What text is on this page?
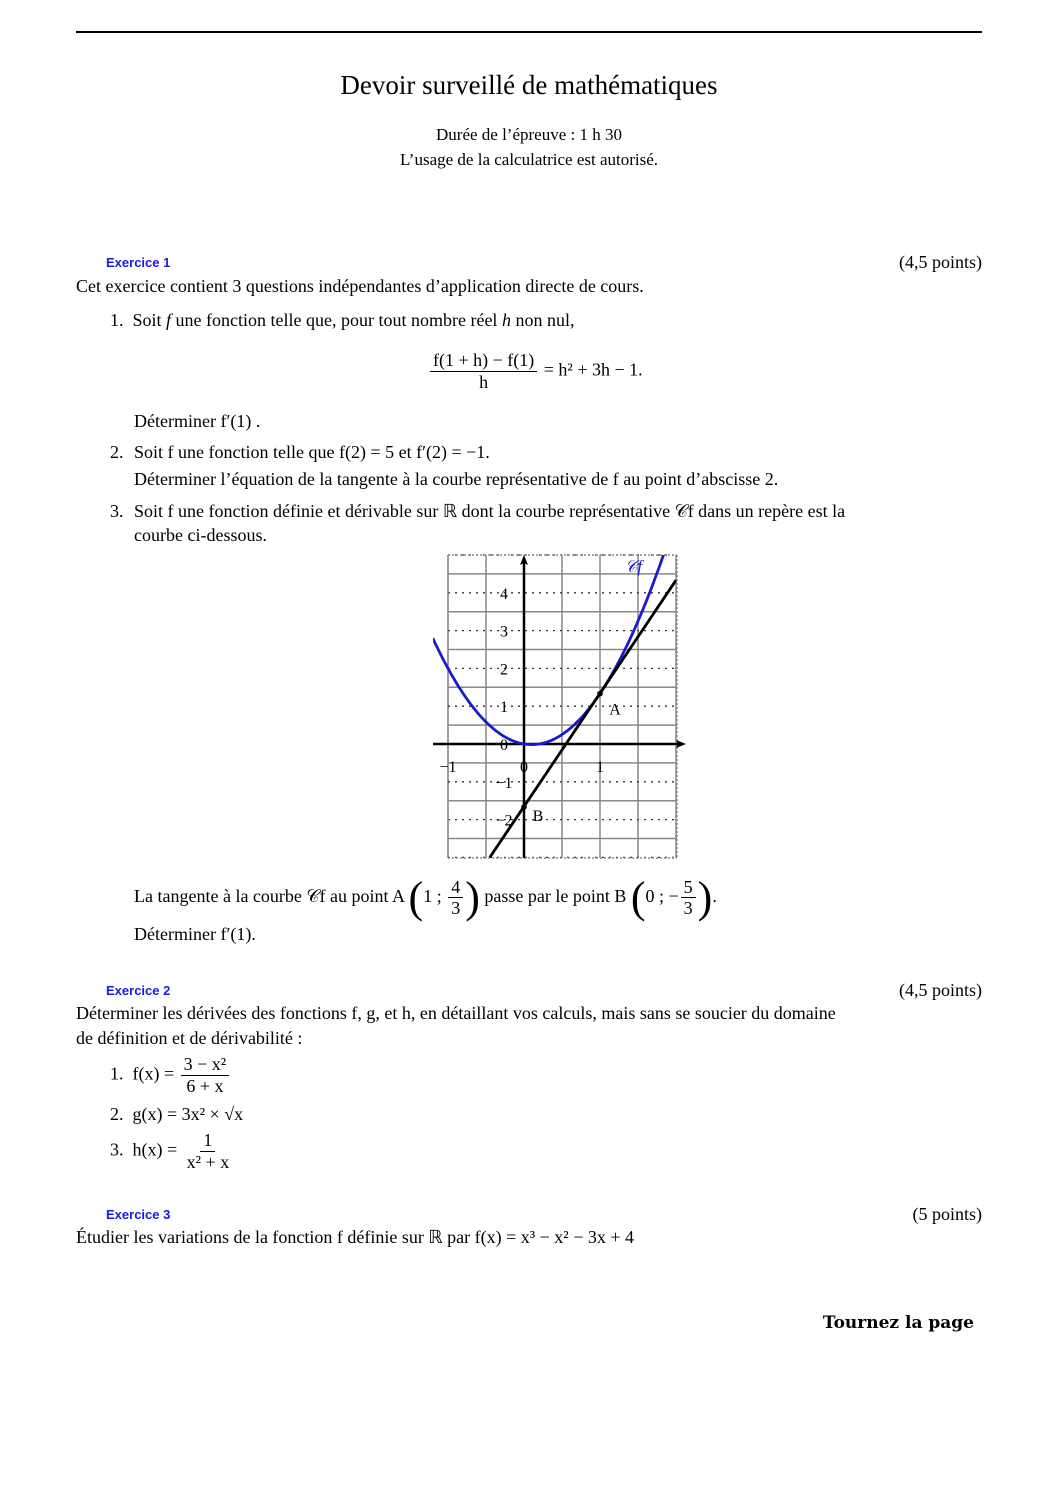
Devoir surveillé de mathématiques
Durée de l’épreuve : 1 h 30
L’usage de la calculatrice est autorisé.
Exercice 1	(4,5 points)
Cet exercice contient 3 questions indépendantes d’application directe de cours.
1. Soit f une fonction telle que, pour tout nombre réel h non nul,
$\frac{f(1 + h) - f(1)}{h} = h^2 + 3h - 1$.
Déterminer f′(1) .
2. Soit f une fonction telle que f(2) = 5 et f′(2) = −1.
Déterminer l’équation de la tangente à la courbe représentative de f au point d’abscisse 2.
3. Soit f une fonction définie et dérivable sur ℝ dont la courbe représentative 𝒞f dans un repère est la
courbe ci-dessous.
−1	0	1
−2
−1
0
1
2
3
4
A
B
𝒞f
La tangente à la courbe 𝒞f au point A (1 ; $\frac{4}{3}$ ) passe par le point B (0 ; − $\frac{5}{3}$ ).
Déterminer f′(1).
Exercice 2	(4,5 points)
Déterminer les dérivées des fonctions f, g, et h, en détaillant vos calculs, mais sans se soucier du domaine
de définition et de dérivabilité :
1. $f(x) = \frac{\text{3 − x²}}{6 + x}$
2. g(x) = 3x² × √x
3. $h(x) = \frac{1}{\text{x² + x}}$
Exercice 3	(5 points)
Étudier les variations de la fonction f définie sur ℝ par f(x) = x³ − x² − 3x + 4
Tournez la page
